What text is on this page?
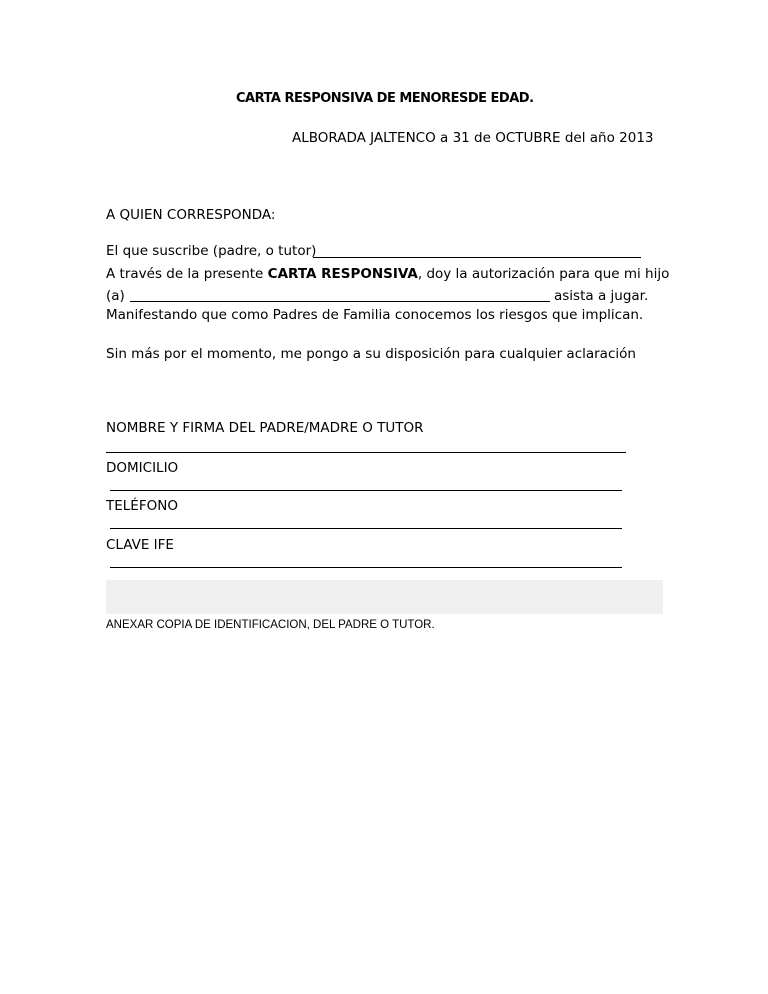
CARTA RESPONSIVA DE MENORESDE EDAD.
ALBORADA JALTENCO a 31 de OCTUBRE del año 2013
A QUIEN CORRESPONDA:
El que suscribe (padre, o tutor)
A través de la presente CARTA RESPONSIVA, doy la autorización para que mi hijo
(a)	asista a jugar.
Manifestando que como Padres de Familia conocemos los riesgos que implican.
Sin más por el momento, me pongo a su disposición para cualquier aclaración
NOMBRE Y FIRMA DEL PADRE/MADRE O TUTOR
DOMICILIO
TELÉFONO
CLAVE IFE
ANEXAR COPIA DE IDENTIFICACION, DEL PADRE O TUTOR.
